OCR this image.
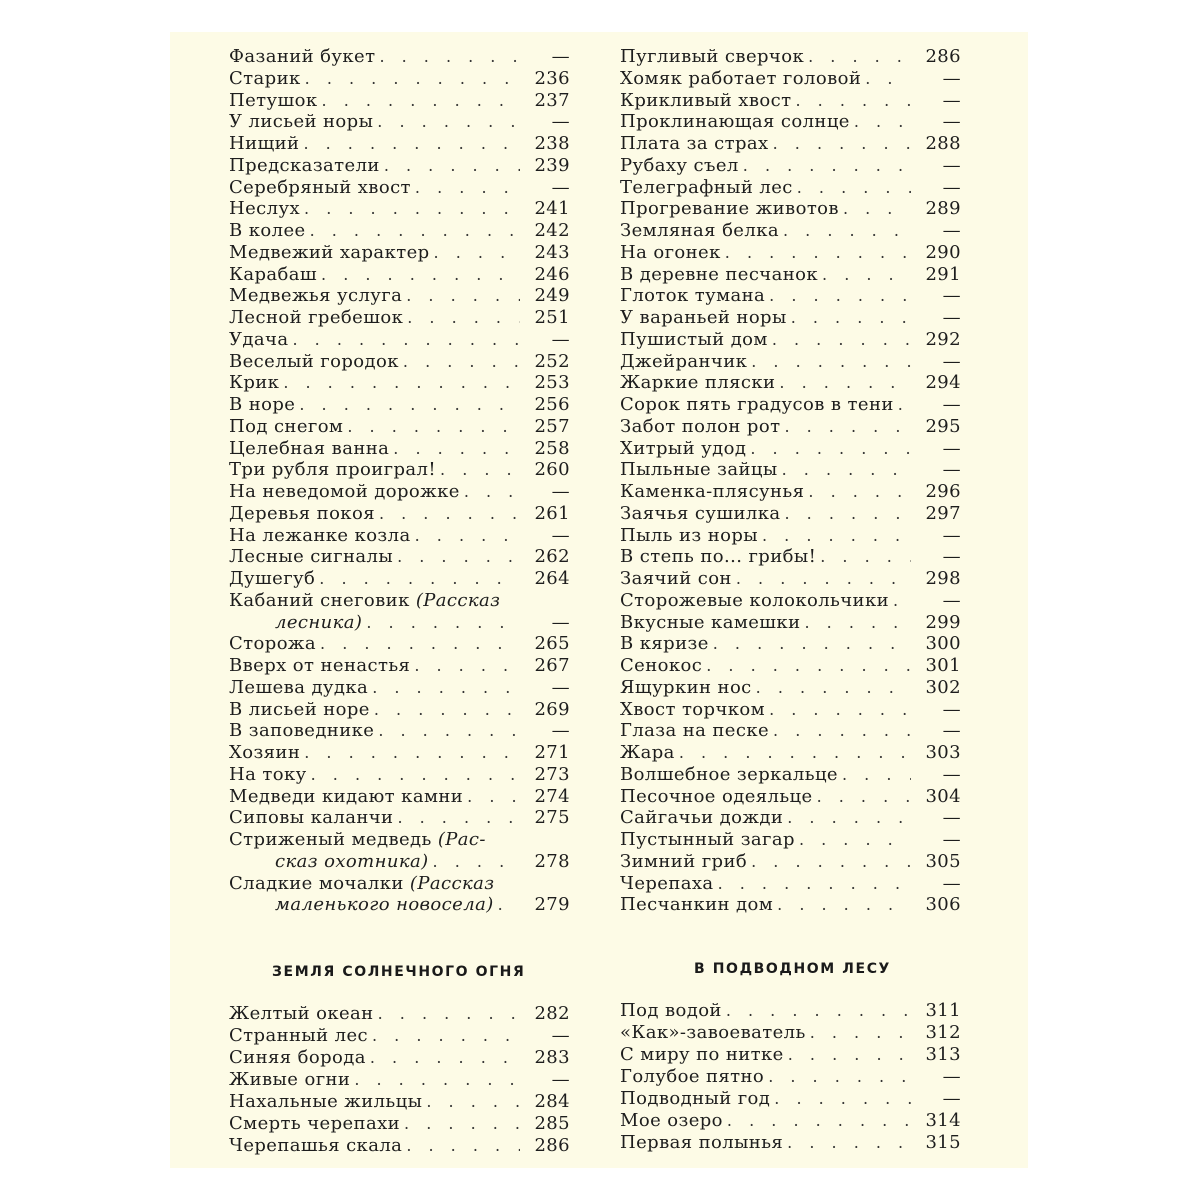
Фазаний букет . . .	—
Старик . . .	236
Петушок . . .	237
У лисьей норы . . .	—
Нищий . . .	238
Предсказатели . . .	239
Серебряный хвост . . .	—
Неслух . . .	241
В колее . . .	242
Медвежий характер . . .	243
Карабаш . . .	246
Медвежья услуга . . .	249
Лесной гребешок . . .	251
Удача . . .	—
Веселый городок . . .	252
Крик . . .	253
В норе . . .	256
Под снегом . . .	257
Целебная ванна . . .	258
Три рубля проиграл! . . .	260
На неведомой дорожке . . .	—
Деревья покоя . . .	261
На лежанке козла . . .	—
Лесные сигналы . . .	262
Душегуб . . .	264
Кабаний снеговик (Рассказ
лесника) . . .	—
Сторожа . . .	265
Вверх от ненастья . . .	267
Лешева дудка . . .	—
В лисьей норе . . .	269
В заповеднике . . .	—
Хозяин . . .	271
На току . . .	273
Медведи кидают камни . . .	274
Сиповы каланчи . . .	275
Стриженый медведь (Рас-
сказ охотника) . . .	278
Сладкие мочалки (Рассказ
маленького новосела) . . .	279
Пугливый сверчок . . .	286
Хомяк работает головой . . .	—
Крикливый хвост . . .	—
Проклинающая солнце . . .	—
Плата за страх . . .	288
Рубаху съел . . .	—
Телеграфный лес . . .	—
Прогревание животов . . .	289
Земляная белка . . .	—
На огонек . . .	290
В деревне песчанок . . .	291
Глоток тумана . . .	—
У вараньей норы . . .	—
Пушистый дом . . .	292
Джейранчик . . .	—
Жаркие пляски . . .	294
Сорок пять градусов в тени . . .	—
Забот полон рот . . .	295
Хитрый удод . . .	—
Пыльные зайцы . . .	—
Каменка-плясунья . . .	296
Заячья сушилка . . .	297
Пыль из норы . . .	—
В степь по... грибы! . . .	—
Заячий сон . . .	298
Сторожевые колокольчики . . .	—
Вкусные камешки . . .	299
В кяризе . . .	300
Сенокос . . .	301
Ящуркин нос . . .	302
Хвост торчком . . .	—
Глаза на песке . . .	—
Жара . . .	303
Волшебное зеркальце . . .	—
Песочное одеяльце . . .	304
Сайгачьи дожди . . .	—
Пустынный загар . . .	—
Зимний гриб . . .	305
Черепаха . . .	—
Песчанкин дом . . .	306
ЗЕМЛЯ СОЛНЕЧНОГО ОГНЯ	В ПОДВОДНОМ ЛЕСУ
Желтый океан . . .	282
Странный лес . . .	—
Синяя борода . . .	283
Живые огни . . .	—
Нахальные жильцы . . .	284
Смерть черепахи . . .	285
Черепашья скала . . .	286
Под водой . . .	311
«Как»-завоеватель . . .	312
С миру по нитке . . .	313
Голубое пятно . . .	—
Подводный год . . .	—
Мое озеро . . .	314
Первая полынья . . .	315
